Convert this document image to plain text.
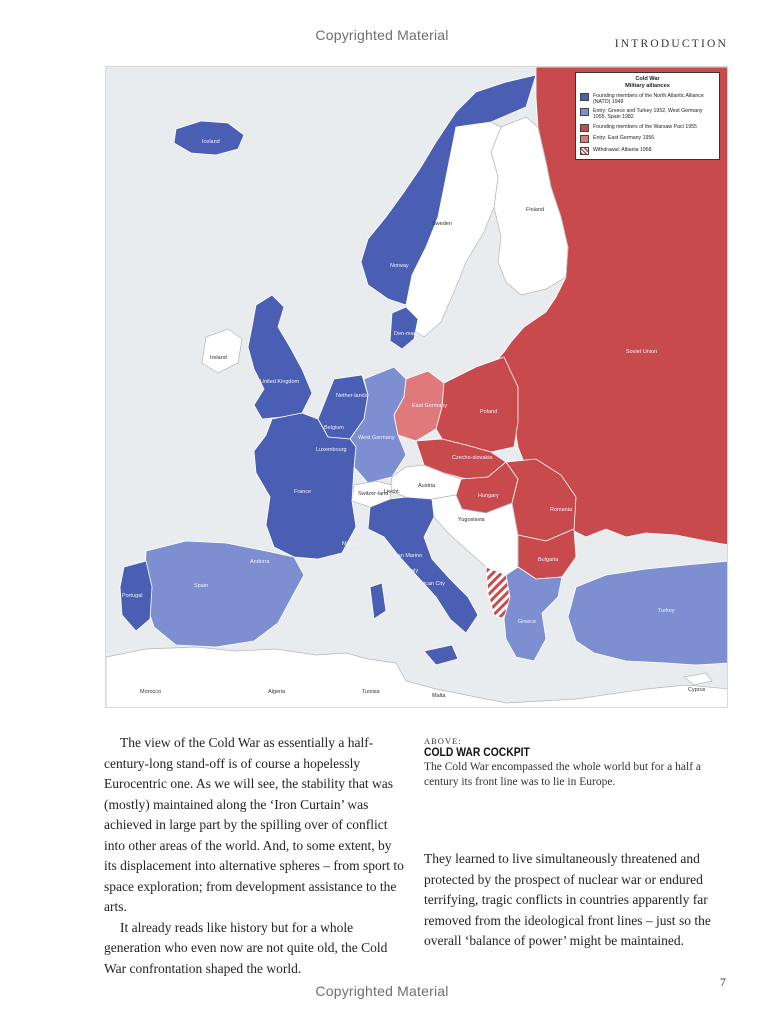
Copyrighted Material
INTRODUCTION
Iceland
Norway
Den-mark
United Kingdom
Nether-lands
Belgium
Luxembourg
France
West Germany
Portugal
Andorra
Monaco
San Marino
Italy
Vatican City
Spain
Greece
Turkey
East Germany
Poland
Czecho-slovakia
Hungary
Romania
Bulgaria
Soviet Union
Sweden
Finland
Ireland
Switzer-land
Liecht.
Austria
Yugoslavia
Cyprus
Morocco	Algeria	Tunisia
Malta
Cold War
Military alliances
Founding members of the North Atlantic Alliance (NATO) 1949
Entry: Greece and Turkey 1952, West Germany 1955, Spain 1982
Founding members of the Warsaw Pact 1955
Entry: East Germany 1956
Withdrawal: Albania 1968

The view of the Cold War as essentially a half-century-long stand-off is of course a hopelessly Eurocentric one. As we will see, the stability that was (mostly) maintained along the ‘Iron Curtain’ was achieved in large part by the spilling over of conflict into other areas of the world. And, to some extent, by its displacement into alternative spheres – from sport to space exploration; from development assistance to the arts.

It already reads like history but for a whole generation who even now are not quite old, the Cold War confrontation shaped the world.

ABOVE:
COLD WAR COCKPIT
The Cold War encompassed the whole world but for a half a century its front line was to lie in Europe.

They learned to live simultaneously threatened and protected by the prospect of nuclear war or endured terrifying, tragic conflicts in countries apparently far removed from the ideological front lines – just so the overall ‘balance of power’ might be maintained.

7
Copyrighted Material
